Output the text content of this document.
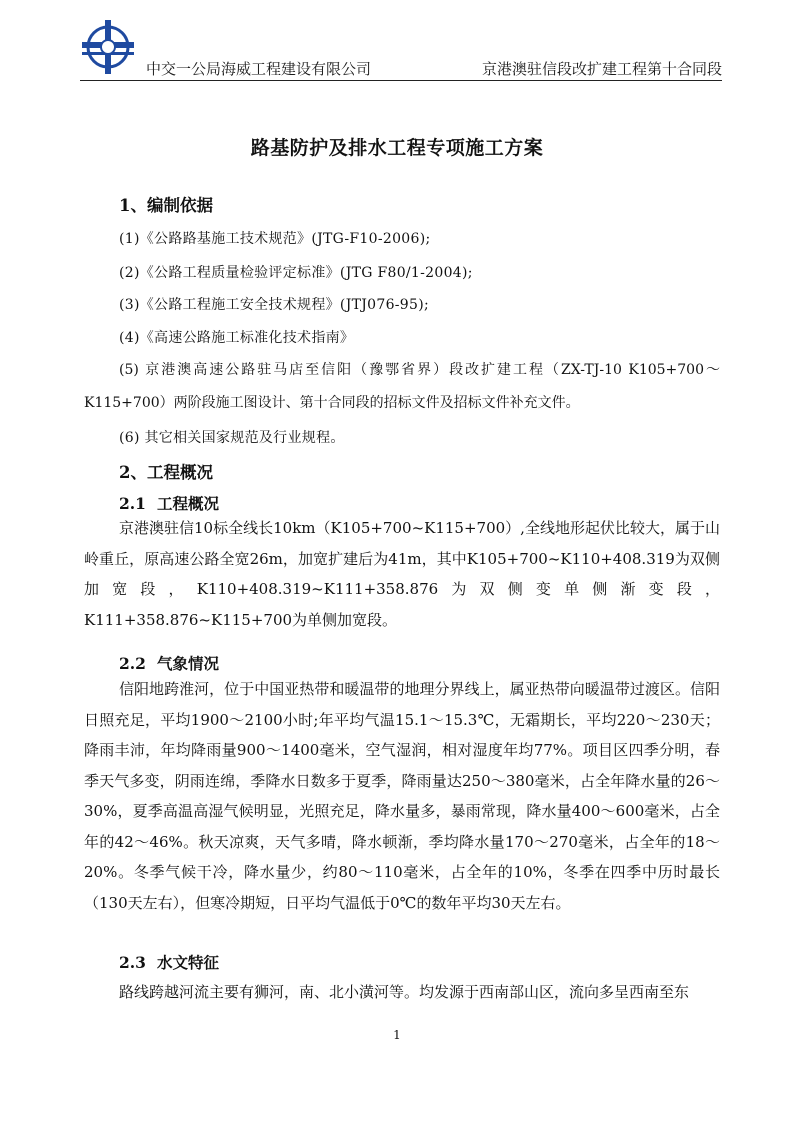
中交一公局海威工程建设有限公司	京港澳驻信段改扩建工程第十合同段
路基防护及排水工程专项施工方案
1、编制依据
(1)《公路路基施工技术规范》(JTG-F10-2006);
(2)《公路工程质量检验评定标准》(JTG F80/1-2004);
(3)《公路工程施工安全技术规程》(JTJ076-95);
(4)《高速公路施工标准化技术指南》

(5) 京港澳高速公路驻马店至信阳（豫鄂省界）段改扩建工程（ZX-TJ-10 K105+700～K115+700）两阶段施工图设计、第十合同段的招标文件及招标文件补充文件。

(6) 其它相关国家规范及行业规程。
2、工程概况
2.1 工程概况

京港澳驻信10标全线长10km（K105+700~K115+700）,全线地形起伏比较大，属于山岭重丘，原高速公路全宽26m，加宽扩建后为41m，其中K105+700~K110+408.319为双侧加宽段，K110+408.319~K111+358.876为双侧变单侧渐变段，K111+358.876~K115+700为单侧加宽段。

2.2 气象情况

信阳地跨淮河，位于中国亚热带和暖温带的地理分界线上，属亚热带向暖温带过渡区。信阳日照充足，平均1900～2100小时;年平均气温15.1～15.3℃，无霜期长，平均220～230天；降雨丰沛，年均降雨量900～1400毫米，空气湿润，相对湿度年均77%。项目区四季分明，春季天气多变，阴雨连绵，季降水日数多于夏季，降雨量达250～380毫米，占全年降水量的26～30%，夏季高温高湿气候明显，光照充足，降水量多，暴雨常现，降水量400～600毫米，占全年的42～46%。秋天凉爽，天气多晴，降水顿渐，季均降水量170～270毫米，占全年的18～20%。冬季气候干冷，降水量少，约80～110毫米，占全年的10%，冬季在四季中历时最长（130天左右），但寒冷期短，日平均气温低于0℃的数年平均30天左右。

2.3 水文特征

路线跨越河流主要有狮河，南、北小潢河等。均发源于西南部山区，流向多呈西南至东

1
